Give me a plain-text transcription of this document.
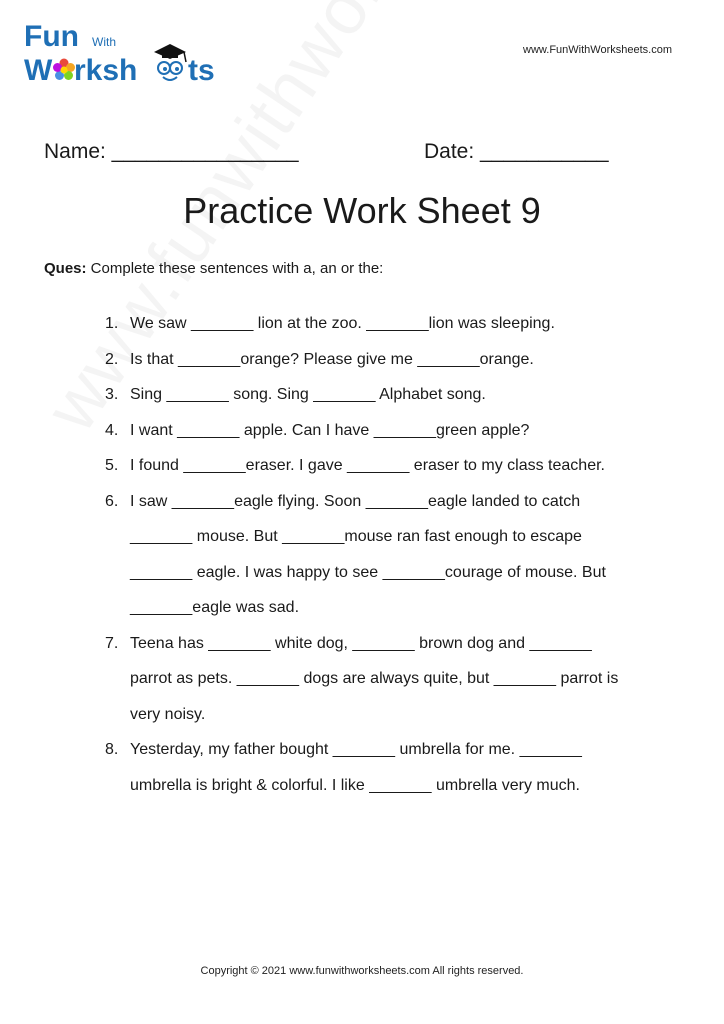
Fun With
W rksh ts
www.FunWithWorksheets.com
Name: ________________	Date: ___________
Practice Work Sheet 9
Ques: Complete these sentences with a, an or the:
1. We saw _______ lion at the zoo. _______lion was sleeping.
2. Is that _______orange? Please give me _______orange.
3. Sing _______ song. Sing _______ Alphabet song.
4. I want _______ apple. Can I have _______green apple?
5. I found _______eraser. I gave _______ eraser to my class teacher.
6. I saw _______eagle flying. Soon _______eagle landed to catch
_______ mouse. But _______mouse ran fast enough to escape
_______ eagle. I was happy to see _______courage of mouse. But
_______eagle was sad.
7. Teena has _______ white dog, _______ brown dog and _______
parrot as pets. _______ dogs are always quite, but _______ parrot is
very noisy.
8. Yesterday, my father bought _______ umbrella for me. _______
umbrella is bright & colorful. I like _______ umbrella very much.
Copyright © 2021 www.funwithworksheets.com All rights reserved.
